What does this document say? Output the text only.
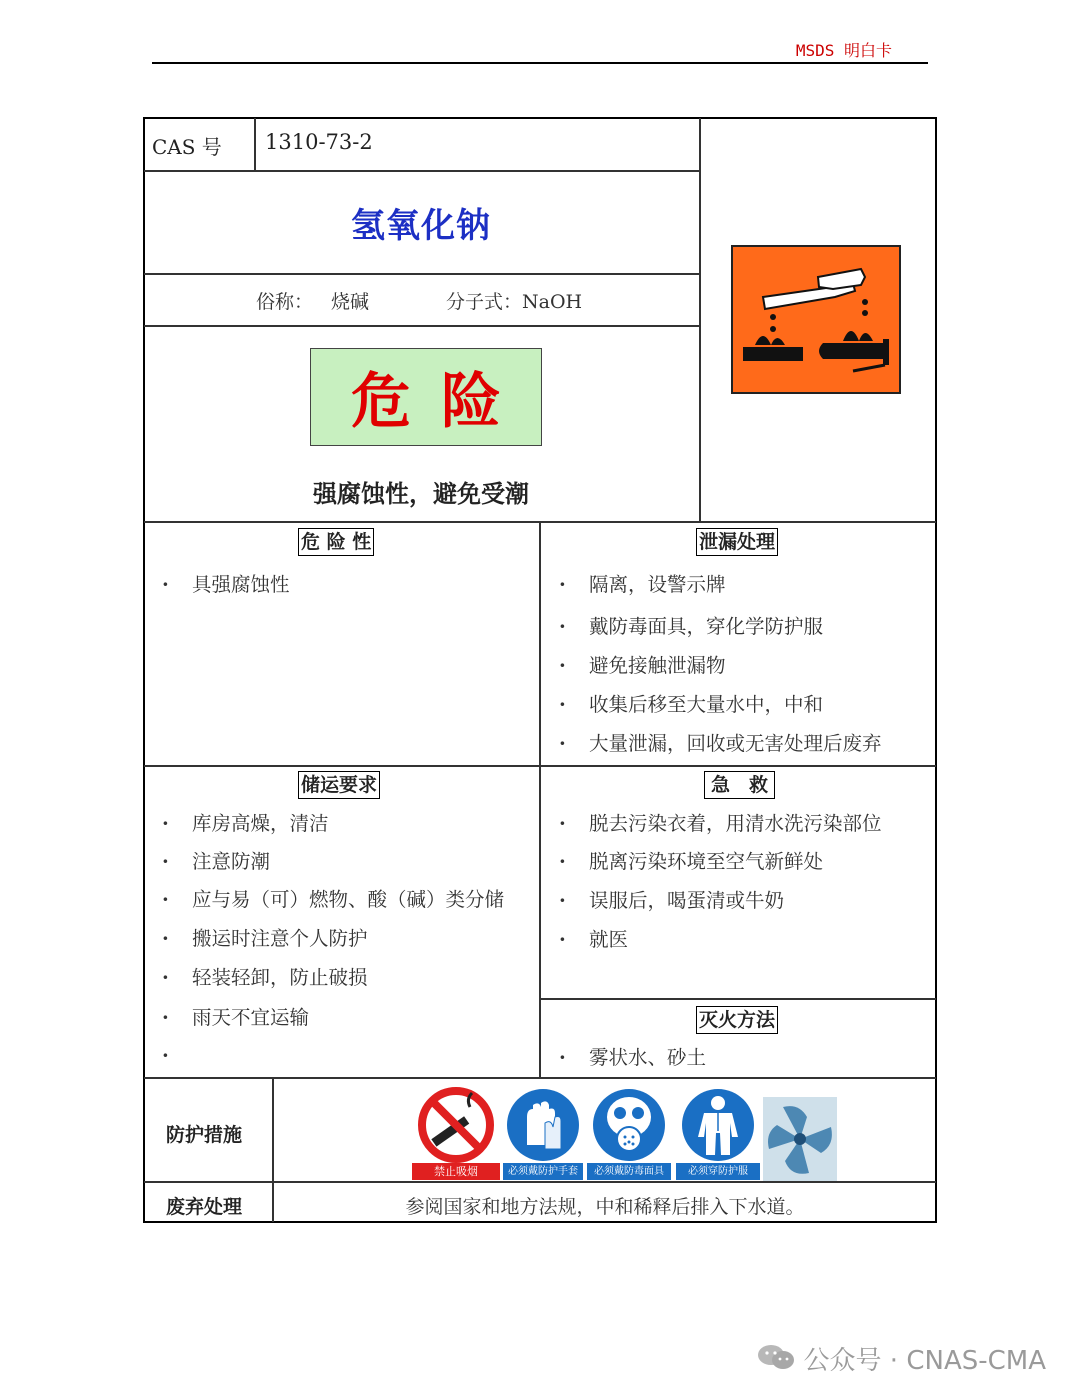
MSDS 明白卡
CAS 号 1310-73-2
氢氧化钠
俗称： 烧碱	分子式：NaOH
危险
强腐蚀性，避免受潮
危 险 性
· 具强腐蚀性
泄漏处理
· 隔离，设警示牌
· 戴防毒面具，穿化学防护服
· 避免接触泄漏物
· 收集后移至大量水中，中和
· 大量泄漏，回收或无害处理后废弃
储运要求
· 库房高燥，清洁
· 注意防潮
· 应与易（可）燃物、酸（碱）类分储
· 搬运时注意个人防护
· 轻装轻卸，防止破损
· 雨天不宜运输
急　救
· 脱去污染衣着，用清水洗污染部位
· 脱离污染环境至空气新鲜处
· 误服后，喝蛋清或牛奶
· 就医
灭火方法
· 雾状水、砂土
防护措施
禁止吸烟	必须戴防护手套	必须戴防毒面具	必须穿防护服
废弃处理	参阅国家和地方法规，中和稀释后排入下水道。
公众号 · CNAS-CMA
